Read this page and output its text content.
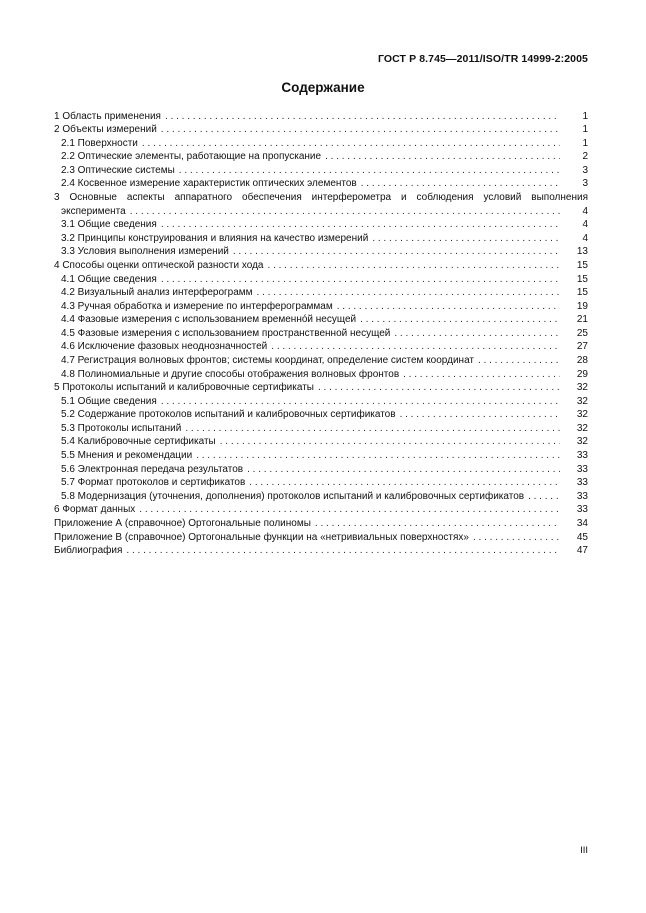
ГОСТ Р 8.745—2011/ISO/TR 14999-2:2005
Содержание
1 Область применения . . .	1
2 Объекты измерений . . .	1
2.1 Поверхности . . .	1
2.2 Оптические элементы, работающие на пропускание . . .	2
2.3 Оптические системы . . .	3
2.4 Косвенное измерение характеристик оптических элементов . . .	3
3 Основные аспекты аппаратного обеспечения интерферометра и соблюдения условий выполнения
эксперимента . . .	4
3.1 Общие сведения . . .	4
3.2 Принципы конструирования и влияния на качество измерений . . .	4
3.3 Условия выполнения измерений . . .	13
4 Способы оценки оптической разности хода . . .	15
4.1 Общие сведения . . .	15
4.2 Визуальный анализ интерферограмм . . .	15
4.3 Ручная обработка и измерение по интерферограммам . . .	19
4.4 Фазовые измерения с использованием временнóй несущей . . .	21
4.5 Фазовые измерения с использованием пространственной несущей . . .	25
4.6 Исключение фазовых неоднозначностей . . .	27
4.7 Регистрация волновых фронтов; системы координат, определение систем координат . . .	28
4.8 Полиномиальные и другие способы отображения волновых фронтов . . .	29
5 Протоколы испытаний и калибровочные сертификаты . . .	32
5.1 Общие сведения . . .	32
5.2 Содержание протоколов испытаний и калибровочных сертификатов . . .	32
5.3 Протоколы испытаний . . .	32
5.4 Калибровочные сертификаты . . .	32
5.5 Мнения и рекомендации . . .	33
5.6 Электронная передача результатов . . .	33
5.7 Формат протоколов и сертификатов . . .	33
5.8 Модернизация (уточнения, дополнения) протоколов испытаний и калибровочных сертификатов . . .	33
6 Формат данных . . .	33
Приложение А (справочное) Ортогональные полиномы . . .	34
Приложение В (справочное) Ортогональные функции на «нетривиальных поверхностях» . . .	45
Библиография . . .	47
III
